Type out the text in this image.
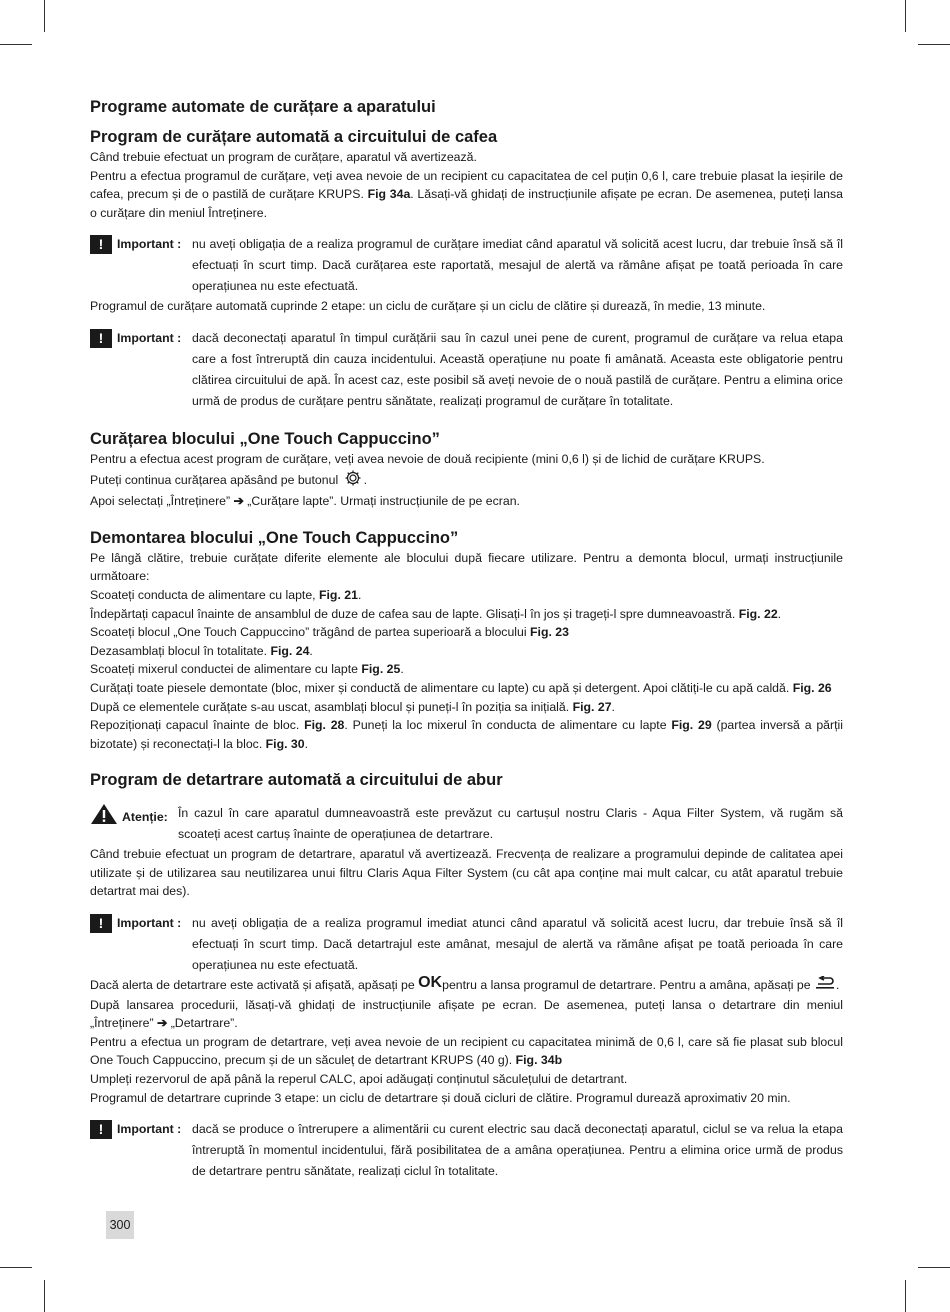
Programe automate de curățare a aparatului
Program de curățare automată a circuitului de cafea

Când trebuie efectuat un program de curățare, aparatul vă avertizează.

Pentru a efectua programul de curățare, veți avea nevoie de un recipient cu capacitatea de cel puțin 0,6 l, care trebuie plasat la ieșirile de cafea, precum și de o pastilă de curățare KRUPS. Fig 34a. Lăsați-vă ghidați de instrucțiunile afișate pe ecran. De asemenea, puteți lansa o curățare din meniul Întreținere.

!	Important : nu aveți obligația de a realiza programul de curățare imediat când aparatul vă solicită acest lucru, dar trebuie însă să îl efectuați în scurt timp. Dacă curățarea este raportată, mesajul de alertă va rămâne afișat pe toată perioada în care operațiunea nu este efectuată.

Programul de curățare automată cuprinde 2 etape: un ciclu de curățare și un ciclu de clătire și durează, în medie, 13 minute.

!	Important : dacă deconectați aparatul în timpul curățării sau în cazul unei pene de curent, programul de curățare va relua etapa care a fost întreruptă din cauza incidentului. Această operațiune nu poate fi amânată. Aceasta este obligatorie pentru clătirea circuitului de apă. În acest caz, este posibil să aveți nevoie de o nouă pastilă de curățare. Pentru a elimina orice urmă de produs de curățare pentru sănătate, realizați programul de curățare în totalitate.
Curățarea blocului „One Touch Cappuccino”

Pentru a efectua acest program de curățare, veți avea nevoie de două recipiente (mini 0,6 l) și de lichid de curățare KRUPS.

Puteți continua curățarea apăsând pe butonul .

Apoi selectați „Întreținere” ➔ „Curățare lapte”. Urmați instrucțiunile de pe ecran.

Demontarea blocului „One Touch Cappuccino”

Pe lângă clătire, trebuie curățate diferite elemente ale blocului după fiecare utilizare. Pentru a demonta blocul, urmați instrucțiunile următoare:

Scoateți conducta de alimentare cu lapte, Fig. 21.

Îndepărtați capacul înainte de ansamblul de duze de cafea sau de lapte. Glisați-l în jos și trageți-l spre dumneavoastră. Fig. 22.

Scoateți blocul „One Touch Cappuccino” trăgând de partea superioară a blocului Fig. 23

Dezasamblați blocul în totalitate. Fig. 24.

Scoateți mixerul conductei de alimentare cu lapte Fig. 25.

Curățați toate piesele demontate (bloc, mixer și conductă de alimentare cu lapte) cu apă și detergent. Apoi clătiți-le cu apă caldă. Fig. 26

După ce elementele curățate s-au uscat, asamblați blocul și puneți-l în poziția sa inițială. Fig. 27.

Repoziționați capacul înainte de bloc. Fig. 28. Puneți la loc mixerul în conducta de alimentare cu lapte Fig. 29 (partea inversă a părții bizotate) și reconectați-l la bloc. Fig. 30.

Program de detartrare automată a circuitului de abur
Atenție: În cazul în care aparatul dumneavoastră este prevăzut cu cartușul nostru Claris - Aqua Filter System, vă rugăm să scoateți acest cartuș înainte de operațiunea de detartrare.

Când trebuie efectuat un program de detartrare, aparatul vă avertizează. Frecvența de realizare a programului depinde de calitatea apei utilizate și de utilizarea sau neutilizarea unui filtru Claris Aqua Filter System (cu cât apa conține mai mult calcar, cu atât aparatul trebuie detartrat mai des).

!	Important : nu aveți obligația de a realiza programul imediat atunci când aparatul vă solicită acest lucru, dar trebuie însă să îl efectuați în scurt timp. Dacă detartrajul este amânat, mesajul de alertă va rămâne afișat pe toată perioada în care operațiunea nu este efectuată.

Dacă alerta de detartrare este activată și afișată, apăsați pe OKpentru a lansa programul de detartrare. Pentru a amâna, apăsați pe .

După lansarea procedurii, lăsați-vă ghidați de instrucțiunile afișate pe ecran. De asemenea, puteți lansa o detartrare din meniul „Întreținere” ➔ „Detartrare”.

Pentru a efectua un program de detartrare, veți avea nevoie de un recipient cu capacitatea minimă de 0,6 l, care să fie plasat sub blocul One Touch Cappuccino, precum și de un săculeț de detartrant KRUPS (40 g). Fig. 34b

Umpleți rezervorul de apă până la reperul CALC, apoi adăugați conținutul săculețului de detartrant.

Programul de detartrare cuprinde 3 etape: un ciclu de detartrare și două cicluri de clătire. Programul durează aproximativ 20 min.

!	Important : dacă se produce o întrerupere a alimentării cu curent electric sau dacă deconectați aparatul, ciclul se va relua la etapa întreruptă în momentul incidentului, fără posibilitatea de a amâna operațiunea. Pentru a elimina orice urmă de produs de detartrare pentru sănătate, realizați ciclul în totalitate.
300
